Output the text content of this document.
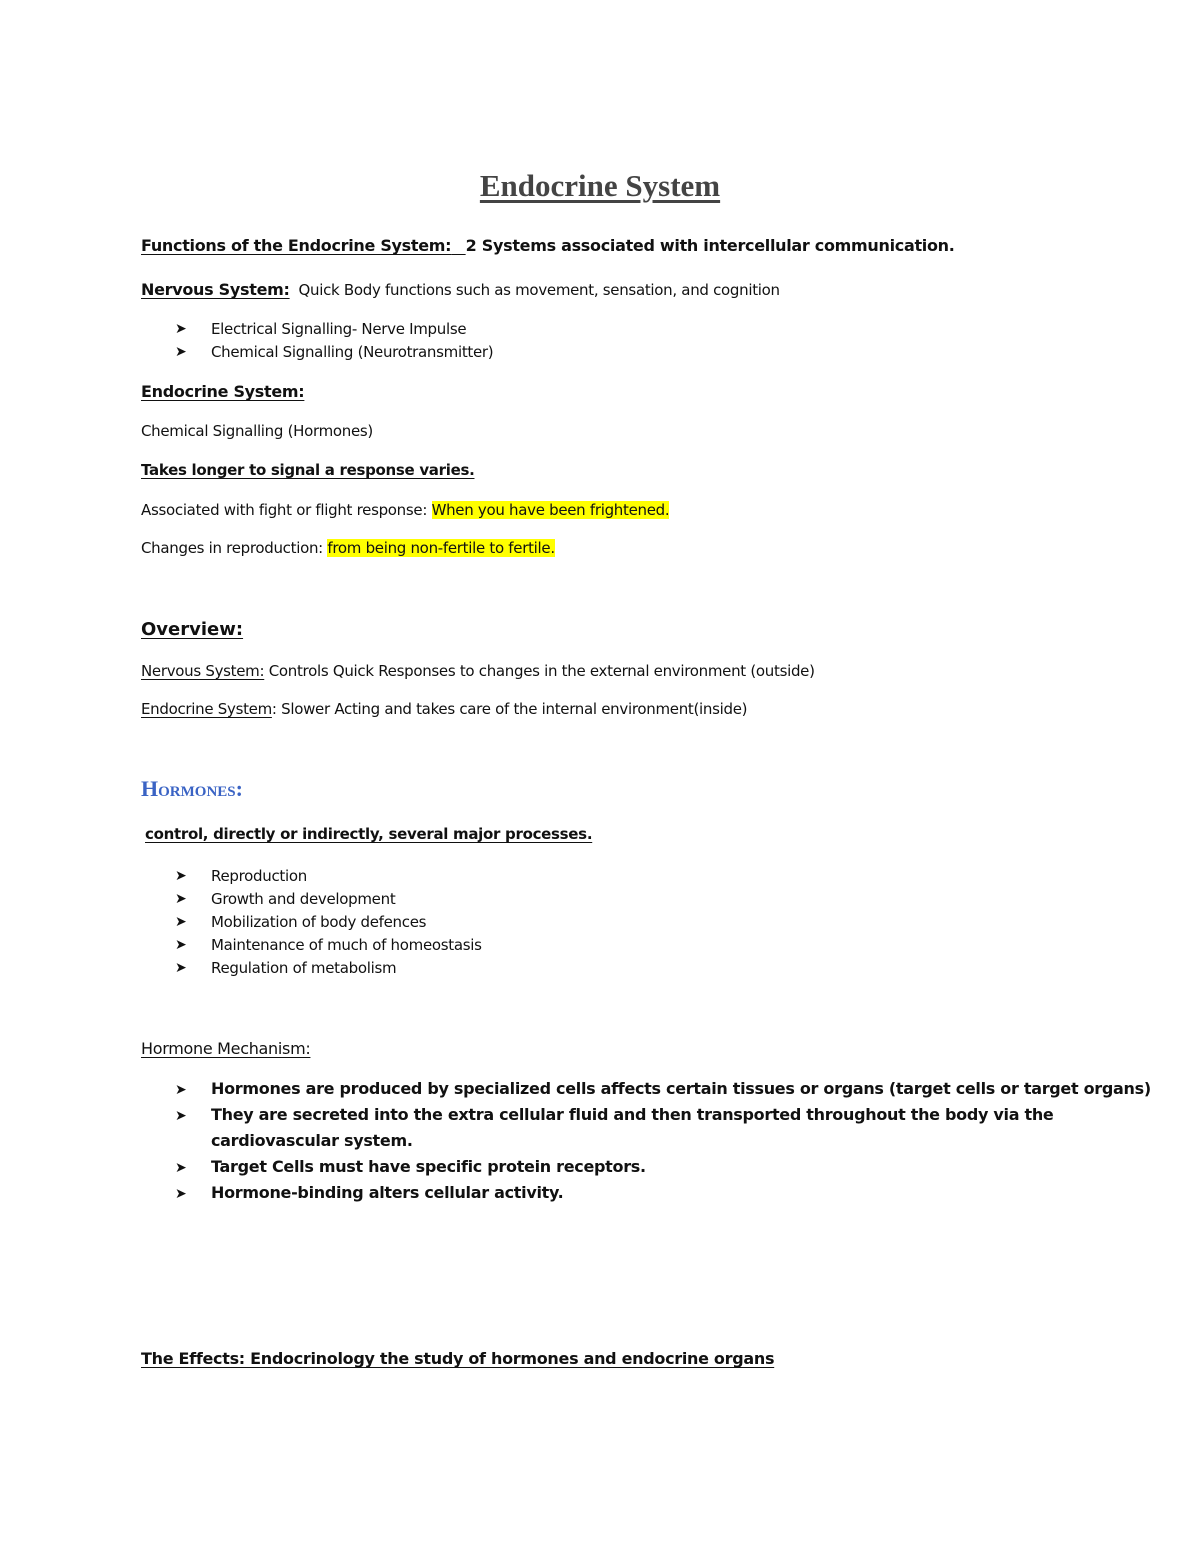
Endocrine System
Functions of the Endocrine System: 2 Systems associated with intercellular communication.
Nervous System: Quick Body functions such as movement, sensation, and cognition
➤ Electrical Signalling- Nerve Impulse
➤ Chemical Signalling (Neurotransmitter)
Endocrine System:
Chemical Signalling (Hormones)
Takes longer to signal a response varies.
Associated with fight or flight response: When you have been frightened.
Changes in reproduction: from being non-fertile to fertile.
Overview:
Nervous System: Controls Quick Responses to changes in the external environment (outside)
Endocrine System: Slower Acting and takes care of the internal environment(inside)
Hormones:
control, directly or indirectly, several major processes.
➤ Reproduction
➤ Growth and development
➤ Mobilization of body defences
➤ Maintenance of much of homeostasis
➤ Regulation of metabolism
Hormone Mechanism:
➤ Hormones are produced by specialized cells affects certain tissues or organs (target cells or target organs)
➤ They are secreted into the extra cellular fluid and then transported throughout the body via the
cardiovascular system.
➤ Target Cells must have specific protein receptors.
➤ Hormone-binding alters cellular activity.
The Effects: Endocrinology the study of hormones and endocrine organs
